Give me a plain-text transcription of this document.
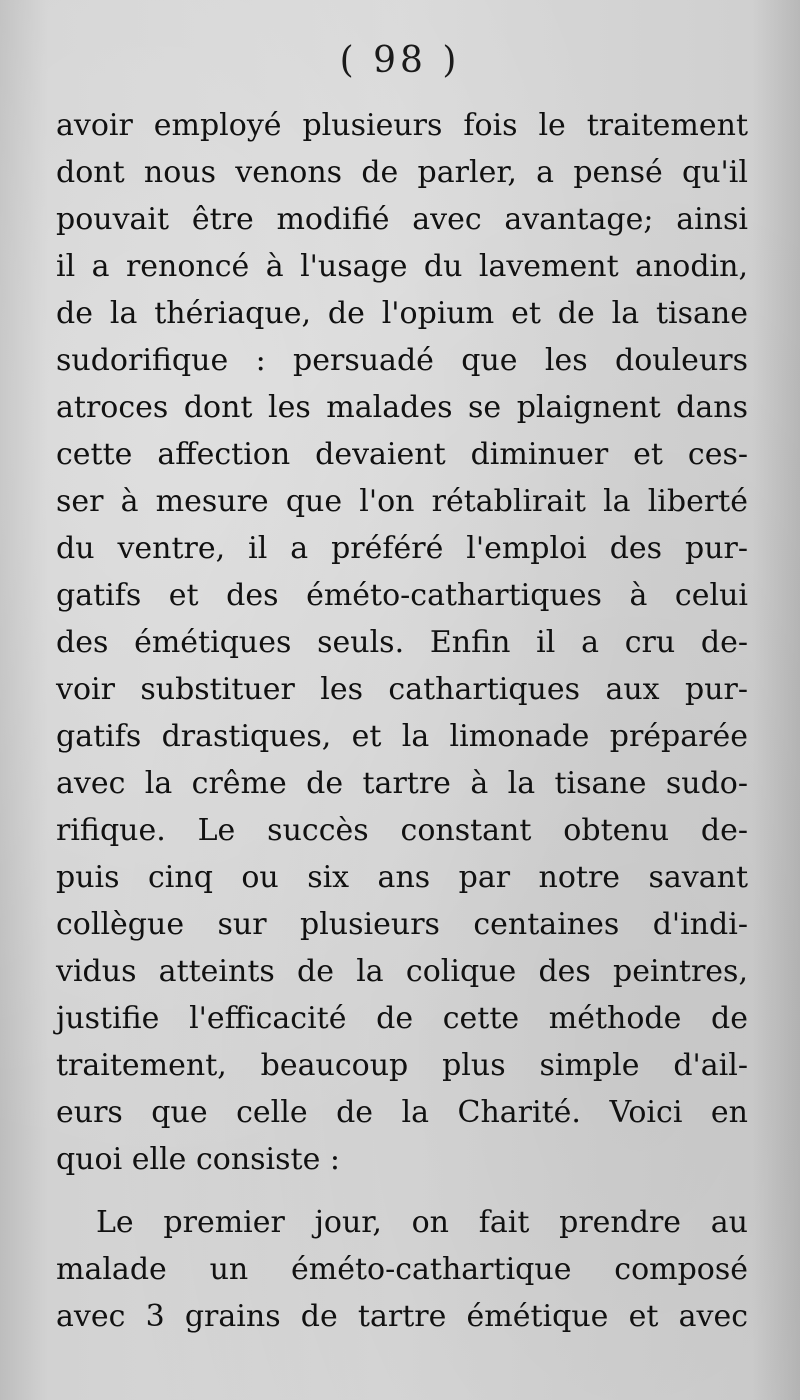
( 98 )
avoir employé plusieurs fois le traitement
dont nous venons de parler, a pensé qu'il
pouvait être modifié avec avantage; ainsi
il a renoncé à l'usage du lavement anodin,
de la thériaque, de l'opium et de la tisane
sudorifique : persuadé que les douleurs
atroces dont les malades se plaignent dans
cette affection devaient diminuer et ces-
ser à mesure que l'on rétablirait la liberté
du ventre, il a préféré l'emploi des pur-
gatifs et des éméto-cathartiques à celui
des émétiques seuls. Enfin il a cru de-
voir substituer les cathartiques aux pur-
gatifs drastiques, et la limonade préparée
avec la crême de tartre à la tisane sudo-
rifique. Le succès constant obtenu de-
puis cinq ou six ans par notre savant
collègue sur plusieurs centaines d'indi-
vidus atteints de la colique des peintres,
justifie l'efficacité de cette méthode de
traitement, beaucoup plus simple d'ail-
eurs que celle de la Charité. Voici en
quoi elle consiste :
Le premier jour, on fait prendre au
malade un éméto-cathartique composé
avec 3 grains de tartre émétique et avec
